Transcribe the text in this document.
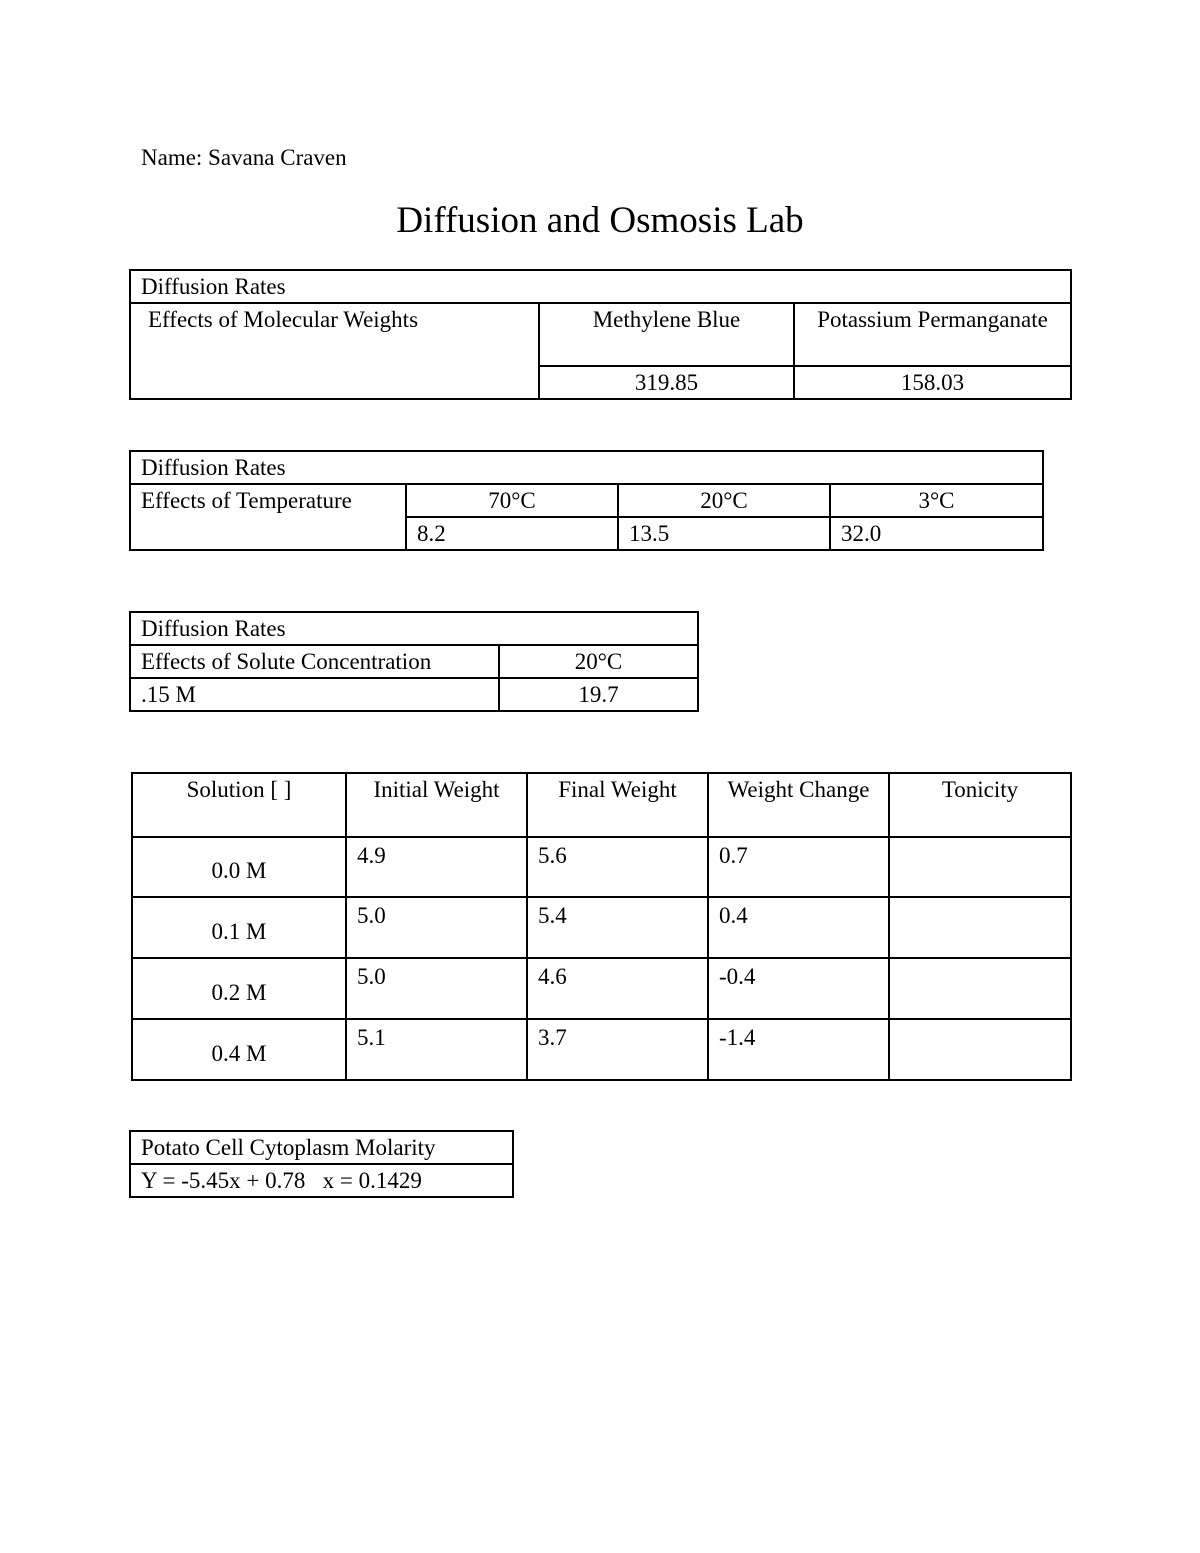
Name: Savana Craven
Diffusion and Osmosis Lab
Diffusion Rates		
Effects of Molecular Weights	Methylene Blue	Potassium Permanganate
	319.85	158.03
Diffusion Rates			
Effects of Temperature	70°C	20°C	3°C
	8.2	13.5	32.0
Diffusion Rates	
Effects of Solute Concentration	20°C
.15 M	19.7
Solution [ ]	Initial Weight	Final Weight	Weight Change	Tonicity
0.0 M	4.9	5.6	0.7	
0.1 M	5.0	5.4	0.4	
0.2 M	5.0	4.6	-0.4	
0.4 M	5.1	3.7	-1.4	
Potato Cell Cytoplasm Molarity
Y = -5.45x + 0.78   x = 0.1429
